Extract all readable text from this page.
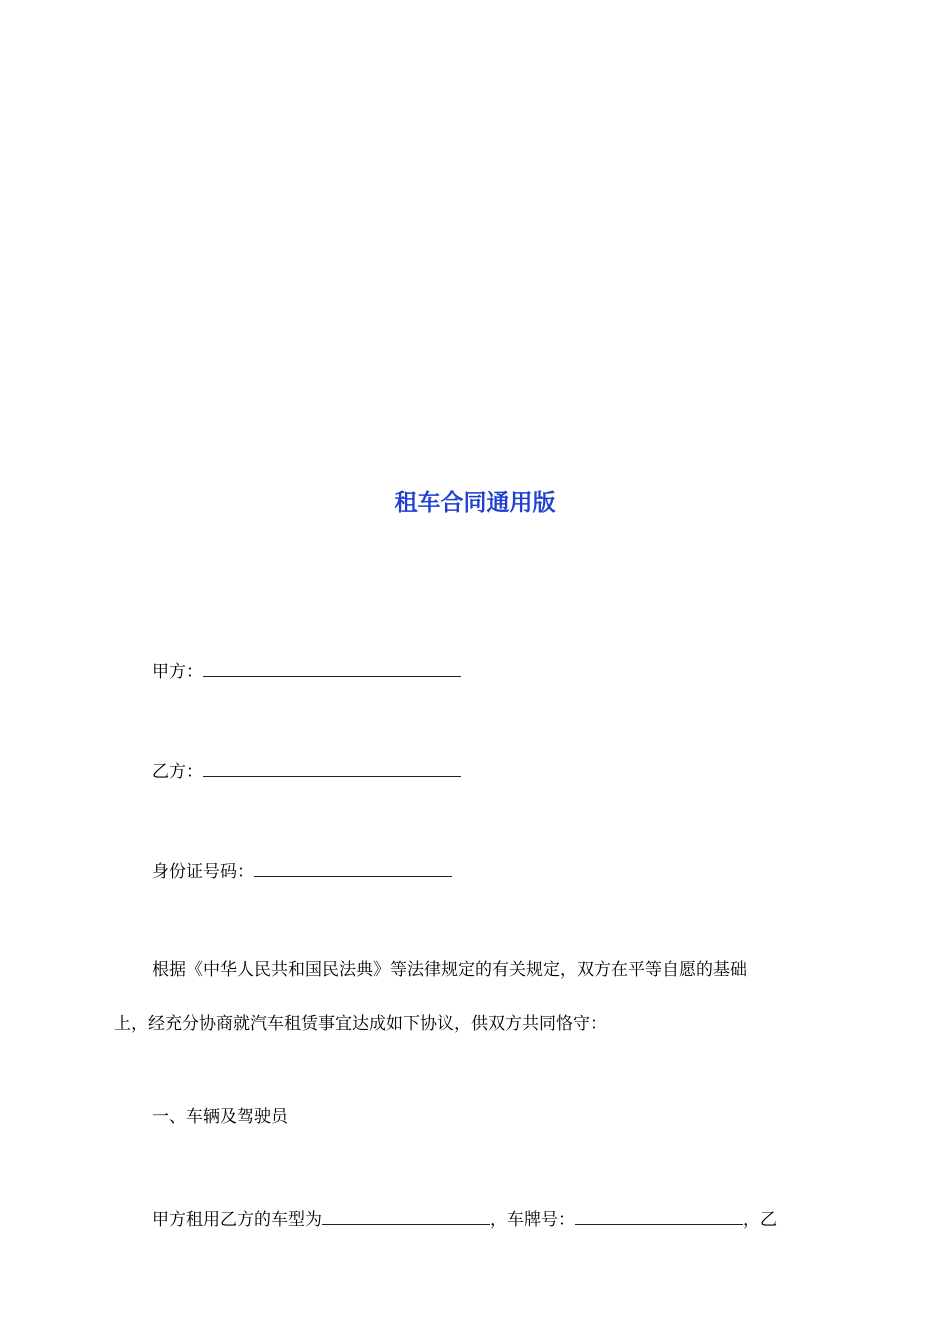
租车合同通用版
甲方：
乙方：
身份证号码：
根据《中华人民共和国民法典》等法律规定的有关规定，双方在平等自愿的基础
上，经充分协商就汽车租赁事宜达成如下协议，供双方共同恪守：
一、车辆及驾驶员
甲方租用乙方的车型为	，车牌号：	，乙
